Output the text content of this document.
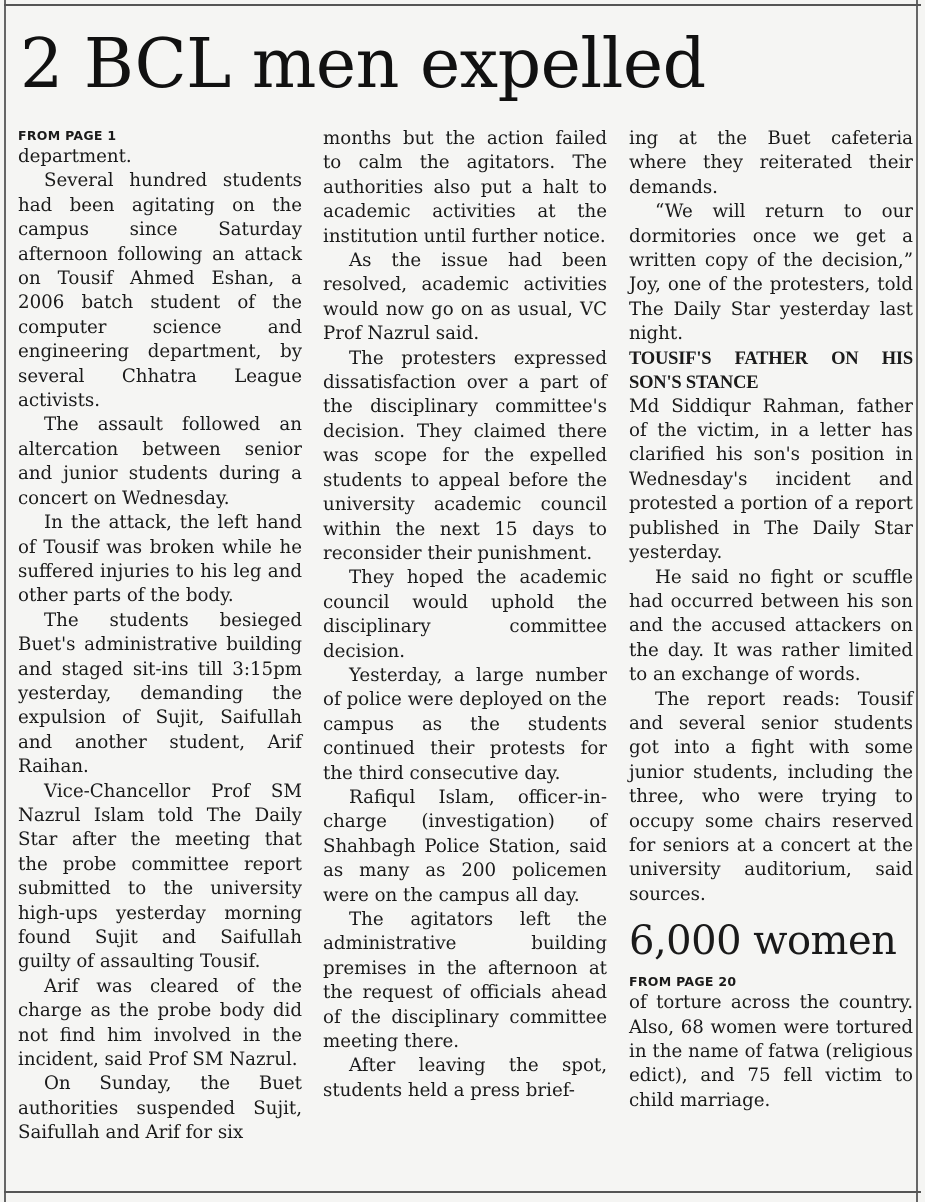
2 BCL men expelled
FROM PAGE 1

department.

Several hundred students had been agitating on the campus since Saturday afternoon following an attack on Tousif Ahmed Eshan, a 2006 batch student of the computer science and engineering department, by several Chhatra League activists.

The assault followed an altercation between senior and junior students during a concert on Wednesday.

In the attack, the left hand of Tousif was broken while he suffered injuries to his leg and other parts of the body.

The students besieged Buet's administrative building and staged sit-ins till 3:15pm yesterday, demanding the expulsion of Sujit, Saifullah and another student, Arif Raihan.

Vice-Chancellor Prof SM Nazrul Islam told The Daily Star after the meeting that the probe committee report submitted to the university high-ups yesterday morning found Sujit and Saifullah guilty of assaulting Tousif.

Arif was cleared of the charge as the probe body did not find him involved in the incident, said Prof SM Nazrul.

On Sunday, the Buet authorities suspended Sujit, Saifullah and Arif for six

months but the action failed to calm the agitators. The authorities also put a halt to academic activities at the institution until further notice.

As the issue had been resolved, academic activities would now go on as usual, VC Prof Nazrul said.

The protesters expressed dissatisfaction over a part of the disciplinary committee's decision. They claimed there was scope for the expelled students to appeal before the university academic council within the next 15 days to reconsider their punishment.

They hoped the academic council would uphold the disciplinary committee decision.

Yesterday, a large number of police were deployed on the campus as the students continued their protests for the third consecutive day.

Rafiqul Islam, officer-in-charge (investigation) of Shahbagh Police Station, said as many as 200 policemen were on the campus all day.

The agitators left the administrative building premises in the afternoon at the request of officials ahead of the disciplinary committee meeting there.

After leaving the spot, students held a press brief-

ing at the Buet cafeteria where they reiterated their demands.

“We will return to our dormitories once we get a written copy of the decision,” Joy, one of the protesters, told The Daily Star yesterday last night.

TOUSIF'S FATHER ON HIS SON'S STANCE

Md Siddiqur Rahman, father of the victim, in a letter has clarified his son's position in Wednesday's incident and protested a portion of a report published in The Daily Star yesterday.

He said no fight or scuffle had occurred between his son and the accused attackers on the day. It was rather limited to an exchange of words.

The report reads: Tousif and several senior students got into a fight with some junior students, including the three, who were trying to occupy some chairs reserved for seniors at a concert at the university auditorium, said sources.

6,000 women
FROM PAGE 20

of torture across the country. Also, 68 women were tortured in the name of fatwa (religious edict), and 75 fell victim to child marriage.
